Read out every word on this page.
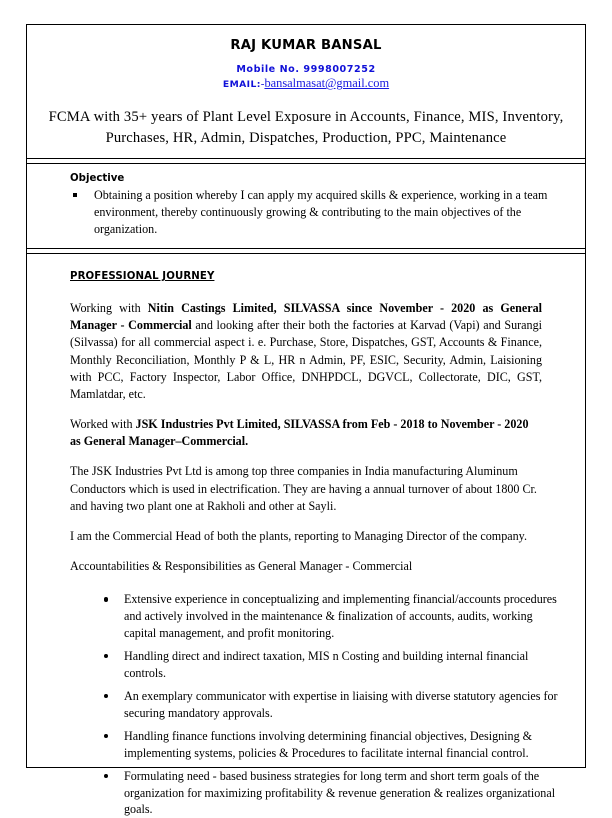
RAJ KUMAR BANSAL
Mobile No. 9998007252
EMAIL:-bansalmasat@gmail.com
FCMA with 35+ years of Plant Level Exposure in Accounts, Finance, MIS, Inventory, Purchases, HR, Admin, Dispatches, Production, PPC, Maintenance
Objective
Obtaining a position whereby I can apply my acquired skills & experience, working in a team environment, thereby continuously growing & contributing to the main objectives of the organization.
PROFESSIONAL JOURNEY
Working with Nitin Castings Limited, SILVASSA since November - 2020 as General Manager - Commercial and looking after their both the factories at Karvad (Vapi) and Surangi (Silvassa) for all commercial aspect i. e. Purchase, Store, Dispatches, GST, Accounts & Finance, Monthly Reconciliation, Monthly P & L, HR n Admin, PF, ESIC, Security, Admin, Laisioning with PCC, Factory Inspector, Labor Office, DNHPDCL, DGVCL, Collectorate, DIC, GST, Mamlatdar, etc.
Worked with JSK Industries Pvt Limited, SILVASSA from Feb - 2018 to November - 2020 as General Manager–Commercial.
The JSK Industries Pvt Ltd is among top three companies in India manufacturing Aluminum Conductors which is used in electrification. They are having a annual turnover of about 1800 Cr. and having two plant one at Rakholi and other at Sayli.
I am the Commercial Head of both the plants, reporting to Managing Director of the company.
Accountabilities & Responsibilities as General Manager - Commercial
Extensive experience in conceptualizing and implementing financial/accounts procedures and actively involved in the maintenance & finalization of accounts, audits, working capital management, and profit monitoring.
Handling direct and indirect taxation, MIS n Costing and building internal financial controls.
An exemplary communicator with expertise in liaising with diverse statutory agencies for securing mandatory approvals.
Handling finance functions involving determining financial objectives, Designing & implementing systems, policies & Procedures to facilitate internal financial control.
Formulating need - based business strategies for long term and short term goals of the organization for maximizing profitability & revenue generation & realizes organizational goals.
